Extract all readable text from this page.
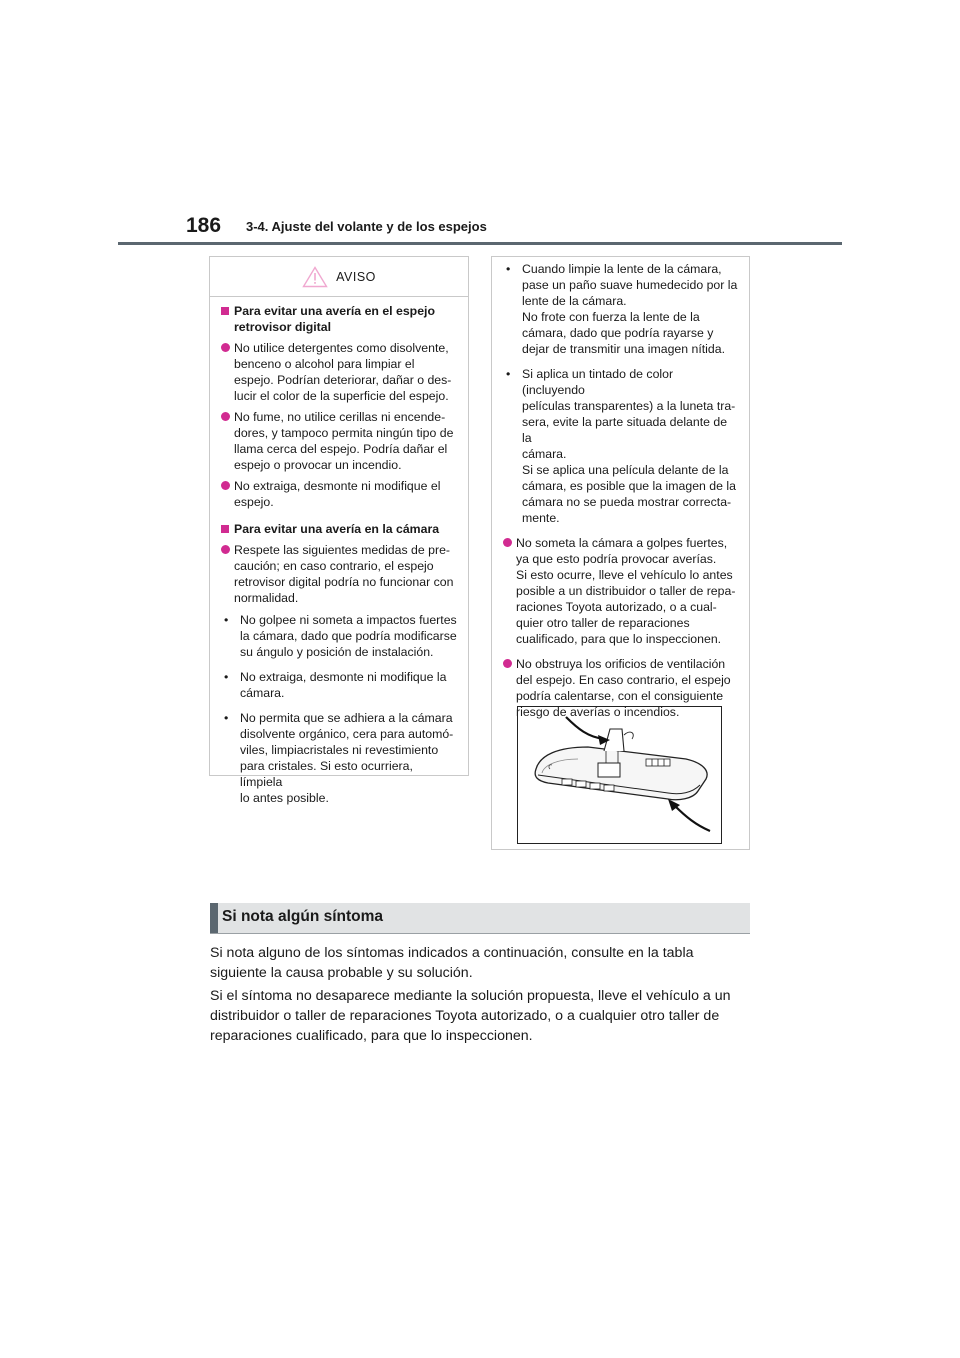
186 3-4. Ajuste del volante y de los espejos
AVISO
Para evitar una avería en el espejo
retrovisor digital
No utilice detergentes como disolvente,
benceno o alcohol para limpiar el
espejo. Podrían deteriorar, dañar o des-
lucir el color de la superficie del espejo.
No fume, no utilice cerillas ni encende-
dores, y tampoco permita ningún tipo de
llama cerca del espejo. Podría dañar el
espejo o provocar un incendio.
No extraiga, desmonte ni modifique el
espejo.
Para evitar una avería en la cámara
Respete las siguientes medidas de pre-
caución; en caso contrario, el espejo
retrovisor digital podría no funcionar con
normalidad.
• No golpee ni someta a impactos fuertes
la cámara, dado que podría modificarse
su ángulo y posición de instalación.
• No extraiga, desmonte ni modifique la
cámara.
• No permita que se adhiera a la cámara
disolvente orgánico, cera para automó-
viles, limpiacristales ni revestimiento
para cristales. Si esto ocurriera, límpiela
lo antes posible.
• Cuando limpie la lente de la cámara,
pase un paño suave humedecido por la
lente de la cámara.
No frote con fuerza la lente de la
cámara, dado que podría rayarse y
dejar de transmitir una imagen nítida.
• Si aplica un tintado de color (incluyendo
películas transparentes) a la luneta tra-
sera, evite la parte situada delante de la
cámara.
Si se aplica una película delante de la
cámara, es posible que la imagen de la
cámara no se pueda mostrar correcta-
mente.
No someta la cámara a golpes fuertes,
ya que esto podría provocar averías.
Si esto ocurre, lleve el vehículo lo antes
posible a un distribuidor o taller de repa-
raciones Toyota autorizado, o a cual-
quier otro taller de reparaciones
cualificado, para que lo inspeccionen.
No obstruya los orificios de ventilación
del espejo. En caso contrario, el espejo
podría calentarse, con el consiguiente
riesgo de averías o incendios.
Si nota algún síntoma
Si nota alguno de los síntomas indicados a continuación, consulte en la tabla
siguiente la causa probable y su solución.
Si el síntoma no desaparece mediante la solución propuesta, lleve el vehículo a un
distribuidor o taller de reparaciones Toyota autorizado, o a cualquier otro taller de
reparaciones cualificado, para que lo inspeccionen.
